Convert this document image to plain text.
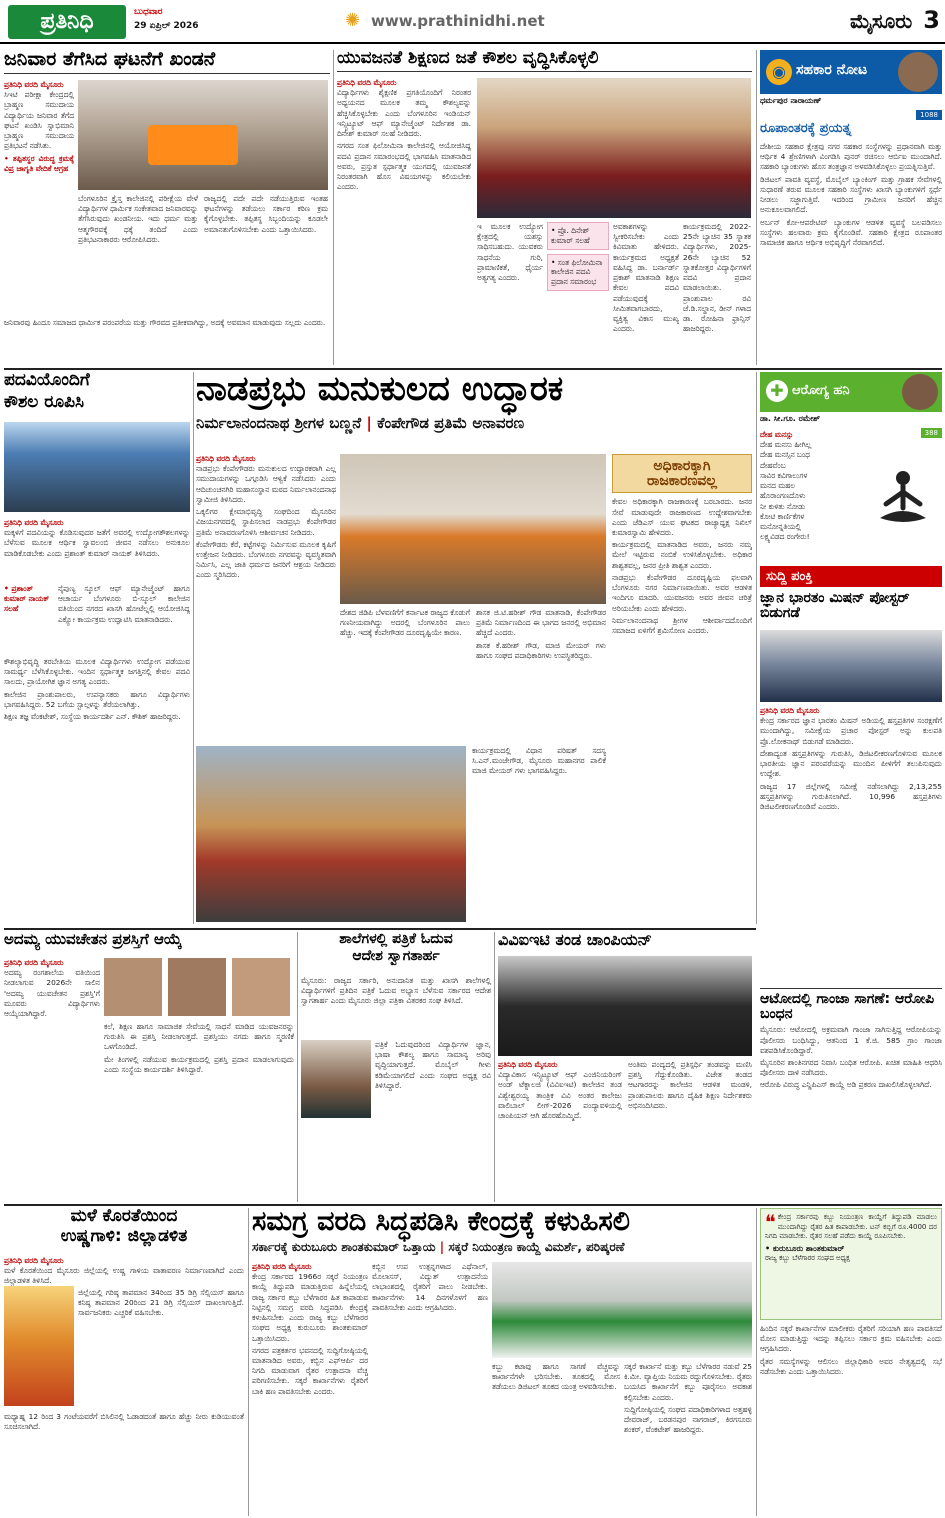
ಪ್ರತಿನಿಧಿ	ಬುಧವಾರ
29 ಏಪ್ರಿಲ್ 2026	✺ www.prathinidhi.net	ಮೈಸೂರು 3
ಜನಿವಾರ ತೆಗೆಸಿದ ಘಟನೆಗೆ ಖಂಡನೆ
ಪ್ರತಿನಿಧಿ ವರದಿ ಮೈಸೂರು

ಸಿಇಟಿ ಪರೀಕ್ಷಾ ಕೇಂದ್ರದಲ್ಲಿ ಬ್ರಾಹ್ಮಣ ಸಮುದಾಯ ವಿದ್ಯಾರ್ಥಿಯ ಜನಿವಾರ ತೆಗೆದ ಘಟನೆ ಖಂಡಿಸಿ ಸ್ವಾಭಿಮಾನಿ ಬ್ರಾಹ್ಮಣ ಸಮುದಾಯ ಪ್ರತಿಭಟನೆ ನಡೆಸಿತು.

• ತಪ್ಪಿತಸ್ಥರ ವಿರುದ್ಧ ಕ್ರಮಕ್ಕೆ ವಿಪ್ರ ಜಾಗೃತಿ ವೇದಿಕೆ ಆಗ್ರಹ

ಬೆಂಗಳೂರಿನ ಕ್ರೈಸ್ತ ಕಾಲೇಜಿನಲ್ಲಿ ಪರೀಕ್ಷೆಯ ವೇಳೆ ವಿದ್ಯಾರ್ಥಿಗಳ ಧಾರ್ಮಿಕ ಸಂಕೇತವಾದ ಜನಿವಾರವನ್ನು ತೆಗೆಸಿರುವುದು ಖಂಡನೀಯ. ಇದು ಧರ್ಮ ಮತ್ತು ಆತ್ಮಗೌರವಕ್ಕೆ ಧಕ್ಕೆ ತಂದಿದೆ ಎಂದು ಪ್ರತಿಭಟನಾಕಾರರು ಆರೋಪಿಸಿದರು.

ರಾಜ್ಯದಲ್ಲಿ ಪದೇ ಪದೇ ನಡೆಯುತ್ತಿರುವ ಇಂತಹ ಘಟನೆಗಳನ್ನು ತಡೆಯಲು ಸರ್ಕಾರ ಕಠಿಣ ಕ್ರಮ ಕೈಗೊಳ್ಳಬೇಕು. ತಪ್ಪಿತಸ್ಥ ಸಿಬ್ಬಂದಿಯನ್ನು ಕೂಡಲೇ ಅಮಾನತುಗೊಳಿಸಬೇಕು ಎಂದು ಒತ್ತಾಯಿಸಿದರು.

ಜನಿವಾರವು ಹಿಂದೂ ಸಮಾಜದ ಧಾರ್ಮಿಕ ಪರಂಪರೆಯ ಮತ್ತು ಗೌರವದ ಪ್ರತೀಕವಾಗಿದ್ದು, ಅದಕ್ಕೆ ಅವಮಾನ ಮಾಡುವುದು ಸಲ್ಲದು ಎಂದರು.

ಯುವಜನತೆ ಶಿಕ್ಷಣದ ಜತೆ ಕೌಶಲ ವೃದ್ಧಿಸಿಕೊಳ್ಳಲಿ
ಪ್ರತಿನಿಧಿ ವರದಿ ಮೈಸೂರು

ವಿದ್ಯಾರ್ಥಿಗಳು ಶೈಕ್ಷಣಿಕ ಪ್ರಗತಿಯೊಂದಿಗೆ ನಿರಂತರ ಅಧ್ಯಯನದ ಮೂಲಕ ತಮ್ಮ ಕೌಶಲ್ಯವನ್ನು ಹೆಚ್ಚಿಸಿಕೊಳ್ಳಬೇಕು ಎಂದು ಬೆಂಗಳೂರಿನ ಇಂಡಿಯನ್ ಇನ್ಸ್ಟಿಟ್ಯೂಟ್ ಆಫ್ ಮ್ಯಾನೇಜ್ಮೆಂಟ್ ನಿರ್ದೇಶಕ ಡಾ. ದಿನೇಶ್ ಕುಮಾರ್ ಸಲಹೆ ನೀಡಿದರು.

ನಗರದ ಸಂತ ಫಿಲೋಮಿನಾ ಕಾಲೇಜಿನಲ್ಲಿ ಆಯೋಜಿಸಿದ್ದ ಪದವಿ ಪ್ರದಾನ ಸಮಾರಂಭದಲ್ಲಿ ಭಾಗವಹಿಸಿ ಮಾತನಾಡಿದ ಅವರು, ಪ್ರಸ್ತುತ ಸ್ಪರ್ಧಾತ್ಮಕ ಯುಗದಲ್ಲಿ ಯುವಜನತೆ ನಿರಂತರವಾಗಿ ಹೊಸ ವಿಷಯಗಳನ್ನು ಕಲಿಯಬೇಕು ಎಂದರು.

ಇ ಮೂಲಕ ಉದ್ಯೋಗ ಕ್ಷೇತ್ರದಲ್ಲಿ ಯಶಸ್ಸು ಸಾಧಿಸಬಹುದು. ಯುವಕರು ಸಾಧನೆಯ ಗುರಿ, ಪ್ರಾಮಾಣಿಕತೆ, ಧೈರ್ಯ ಅತ್ಯಗತ್ಯ ಎಂದರು.

• ಪ್ರೊ. ದಿನೇಶ್ ಕುಮಾರ್ ಸಲಹೆ
• ಸಂತ ಫಿಲೋಮಿನಾ ಕಾಲೇಜಿನ ಪದವಿ ಪ್ರದಾನ ಸಮಾರಂಭ

ಅವಕಾಶಗಳನ್ನು ಸ್ವೀಕರಿಸಬೇಕು ಎಂದು ಕಿವಿಮಾತು ಹೇಳಿದರು. ಕಾರ್ಯಕ್ರಮದ ಅಧ್ಯಕ್ಷತೆ ವಹಿಸಿದ್ದ ಡಾ. ಬರ್ನಾರ್ಡ್ ಪ್ರಕಾಶ್ ಮಾತನಾಡಿ ಶಿಕ್ಷಣ ಕೇವಲ ಪದವಿ ಪಡೆಯುವುದಕ್ಕೆ ಸೀಮಿತವಾಗಬಾರದು, ವ್ಯಕ್ತಿತ್ವ ವಿಕಾಸ ಮುಖ್ಯ ಎಂದರು.

ಕಾರ್ಯಕ್ರಮದಲ್ಲಿ 2022-25ನೇ ಬ್ಯಾಚಿನ 35 ಸ್ನಾತಕ ವಿದ್ಯಾರ್ಥಿಗಳು, 2025-26ನೇ ಬ್ಯಾಚಿನ 52 ಸ್ನಾತಕೋತ್ತರ ವಿದ್ಯಾರ್ಥಿಗಳಿಗೆ ಪದವಿ ಪ್ರದಾನ ಮಾಡಲಾಯಿತು. ಪ್ರಾಂಶುಪಾಲ ರವಿ ಜೆ.ಡಿ.ಸಲ್ಡಾನ, ಡೀನ್ ಗಳಾದ ಡಾ. ರೋಹಿನಾ ಫ್ರಾನ್ಸಿಸ್ ಹಾಜರಿದ್ದರು.

◉ ಸಹಕಾರ ನೋಟ
ಧರ್ಮಪುರ ನಾರಾಯಣ್
1088
ರೂಪಾಂತರಕ್ಕೆ ಪ್ರಯತ್ನ

ದೇಶೀಯ ಸಹಕಾರ ಕ್ಷೇತ್ರವು ನಗರ ಸಹಕಾರ ಸಂಸ್ಥೆಗಳನ್ನು ಪ್ರಧಾನವಾಗಿ ಮತ್ತು ಆರ್ಥಿಕ 4 ಶ್ರೇಣಿಗಳಾಗಿ ವಿಂಗಡಿಸಿ ಪುನರ್ ರಚಿಸಲು ಆರ್ಬಿಐ ಮುಂದಾಗಿದೆ. ಸಹಕಾರಿ ಬ್ಯಾಂಕುಗಳು ಹೊಸ ತಂತ್ರಜ್ಞಾನ ಅಳವಡಿಸಿಕೊಳ್ಳಲು ಪ್ರಯತ್ನಿಸುತ್ತಿವೆ.

ಡಿಜಿಟಲ್ ಪಾವತಿ ವ್ಯವಸ್ಥೆ, ಮೊಬೈಲ್ ಬ್ಯಾಂಕಿಂಗ್ ಮತ್ತು ಗ್ರಾಹಕ ಸೇವೆಗಳಲ್ಲಿ ಸುಧಾರಣೆ ತರುವ ಮೂಲಕ ಸಹಕಾರಿ ಸಂಸ್ಥೆಗಳು ಖಾಸಗಿ ಬ್ಯಾಂಕುಗಳಿಗೆ ಸ್ಪರ್ಧೆ ನೀಡಲು ಸಜ್ಜಾಗುತ್ತಿವೆ. ಇದರಿಂದ ಗ್ರಾಮೀಣ ಜನರಿಗೆ ಹೆಚ್ಚಿನ ಅನುಕೂಲವಾಗಲಿದೆ.

ಅರ್ಬನ್ ಕೋ-ಆಪರೇಟಿವ್ ಬ್ಯಾಂಕುಗಳ ಆಡಳಿತ ವ್ಯವಸ್ಥೆ ಬಲಪಡಿಸಲು ಸಂಸ್ಥೆಗಳು ಹಲವಾರು ಕ್ರಮ ಕೈಗೊಂಡಿವೆ. ಸಹಕಾರಿ ಕ್ಷೇತ್ರದ ರೂಪಾಂತರ ಸಾಮಾಜಿಕ ಹಾಗೂ ಆರ್ಥಿಕ ಅಭಿವೃದ್ಧಿಗೆ ನೆರವಾಗಲಿದೆ.

ಪದವಿಯೊಂದಿಗೆ
ಕೌಶಲ ರೂಪಿಸಿ
ಪ್ರತಿನಿಧಿ ವರದಿ ಮೈಸೂರು

ಮಕ್ಕಳಿಗೆ ಪದವಿಯನ್ನು ಕೊಡಿಸುವುದರ ಜತೆಗೆ ಅವರಲ್ಲಿ ಉದ್ಯೋಗಕೌಶಲಗಳನ್ನು ಬೆಳೆಸುವ ಮೂಲಕ ಆರ್ಥಿಕ ಸ್ವಾವಲಂಬಿ ಜೀವನ ನಡೆಸಲು ಅನುಕೂಲ ಮಾಡಿಕೊಡಬೇಕು ಎಂದು ಪ್ರಶಾಂತ್ ಕುಮಾರ್ ನಾಯಕ್ ತಿಳಿಸಿದರು.

• ಪ್ರಶಾಂತ್ ಕುಮಾರ್ ನಾಯಕ್ ಸಲಹೆ

ನೈಪುಣ್ಯ ಸ್ಕೂಲ್ ಆಫ್ ಮ್ಯಾನೇಜ್ಮೆಂಟ್ ಹಾಗೂ ಆಚಾರ್ಯ ಬೆಂಗಳೂರು ಬಿ-ಸ್ಕೂಲ್ ಕಾಲೇಜಿನ ವತಿಯಿಂದ ನಗರದ ಖಾಸಗಿ ಹೋಟೆಲ್ನಲ್ಲಿ ಆಯೋಜಿಸಿದ್ದ ಎಕ್ಸ್ಪೋ ಕಾರ್ಯಕ್ರಮ ಉದ್ಘಾಟಿಸಿ ಮಾತನಾಡಿದರು.

ಕೌಶಲ್ಯಾಭಿವೃದ್ಧಿ ತರಬೇತಿಯ ಮೂಲಕ ವಿದ್ಯಾರ್ಥಿಗಳು ಉದ್ಯೋಗ ಪಡೆಯುವ ಸಾಮರ್ಥ್ಯ ಬೆಳೆಸಿಕೊಳ್ಳಬೇಕು. ಇಂದಿನ ಸ್ಪರ್ಧಾತ್ಮಕ ಜಗತ್ತಿನಲ್ಲಿ ಕೇವಲ ಪದವಿ ಸಾಲದು, ಪ್ರಾಯೋಗಿಕ ಜ್ಞಾನ ಅಗತ್ಯ ಎಂದರು.

ಕಾಲೇಜಿನ ಪ್ರಾಂಶುಪಾಲರು, ಉಪನ್ಯಾಸಕರು ಹಾಗೂ ವಿದ್ಯಾರ್ಥಿಗಳು ಭಾಗವಹಿಸಿದ್ದರು. 52 ಬಗೆಯ ಸ್ಟಾಲ್ಗಳನ್ನು ತೆರೆಯಲಾಗಿತ್ತು.

ಶಿಕ್ಷಣ ತಜ್ಞ ವೆಂಕಟೇಶ್, ಸಂಸ್ಥೆಯ ಕಾರ್ಯದರ್ಶಿ ಎನ್. ಕೌಶಿಕ್ ಹಾಜರಿದ್ದರು.

ನಾಡಪ್ರಭು ಮನುಕುಲದ ಉದ್ಧಾರಕ
ನಿರ್ಮಲಾನಂದನಾಥ ಶ್ರೀಗಳ ಬಣ್ಣನೆ | ಕೆಂಪೇಗೌಡ ಪ್ರತಿಮೆ ಅನಾವರಣ
ಪ್ರತಿನಿಧಿ ವರದಿ ಮೈಸೂರು

ನಾಡಪ್ರಭು ಕೆಂಪೇಗೌಡರು ಮನುಕುಲದ ಉದ್ಧಾರಕರಾಗಿ ಎಲ್ಲ ಸಮುದಾಯಗಳನ್ನು ಒಗ್ಗೂಡಿಸಿ ಆಳ್ವಿಕೆ ನಡೆಸಿದರು ಎಂದು ಆದಿಚುಂಚನಗಿರಿ ಮಹಾಸಂಸ್ಥಾನ ಮಠದ ನಿರ್ಮಲಾನಂದನಾಥ ಸ್ವಾಮೀಜಿ ತಿಳಿಸಿದರು.

ಒಕ್ಕಲಿಗರ ಕ್ಷೇಮಾಭಿವೃದ್ಧಿ ಸಂಘದಿಂದ ಮೈಸೂರಿನ ವಿಜಯನಗರದಲ್ಲಿ ಸ್ಥಾಪಿಸಲಾದ ನಾಡಪ್ರಭು ಕೆಂಪೇಗೌಡರ ಪ್ರತಿಮೆ ಅನಾವರಣಗೊಳಿಸಿ ಆಶೀರ್ವಚನ ನೀಡಿದರು.

ಕೆಂಪೇಗೌಡರು ಕೆರೆ, ಕಟ್ಟೆಗಳನ್ನು ನಿರ್ಮಿಸುವ ಮೂಲಕ ಕೃಷಿಗೆ ಉತ್ತೇಜನ ನೀಡಿದರು. ಬೆಂಗಳೂರು ನಗರವನ್ನು ವ್ಯವಸ್ಥಿತವಾಗಿ ನಿರ್ಮಿಸಿ, ಎಲ್ಲ ಜಾತಿ ಧರ್ಮದ ಜನರಿಗೆ ಆಶ್ರಯ ನೀಡಿದರು ಎಂದು ಸ್ಮರಿಸಿದರು.

ದೇಶದ ಜಿಡಿಪಿ ಬೆಳವಣಿಗೆಗೆ ಕರ್ನಾಟಕ ರಾಜ್ಯದ ಕೊಡುಗೆ ಗಣನೀಯವಾಗಿದ್ದು ಅದರಲ್ಲಿ ಬೆಂಗಳೂರಿನ ಪಾಲು ಹೆಚ್ಚು. ಇದಕ್ಕೆ ಕೆಂಪೇಗೌಡರ ದೂರದೃಷ್ಟಿಯೇ ಕಾರಣ.

ಶಾಸಕ ಜಿ.ಟಿ.ಹರೀಶ್ ಗೌಡ ಮಾತನಾಡಿ, ಕೆಂಪೇಗೌಡರ ಪ್ರತಿಮೆ ನಿರ್ಮಾಣದಿಂದ ಈ ಭಾಗದ ಜನರಲ್ಲಿ ಅಭಿಮಾನ ಹೆಚ್ಚಿದೆ ಎಂದರು.

ಶಾಸಕ ಕೆ.ಹರೀಶ್ ಗೌಡ, ಮಾಜಿ ಮೇಯರ್ ಗಳು ಹಾಗೂ ಸಂಘದ ಪದಾಧಿಕಾರಿಗಳು ಉಪಸ್ಥಿತರಿದ್ದರು.

ಕಾರ್ಯಕ್ರಮದಲ್ಲಿ ವಿಧಾನ ಪರಿಷತ್ ಸದಸ್ಯ ಸಿ.ಎನ್.ಮಂಜೇಗೌಡ, ಮೈಸೂರು ಮಹಾನಗರ ಪಾಲಿಕೆ ಮಾಜಿ ಮೇಯರ್ ಗಳು ಭಾಗವಹಿಸಿದ್ದರು.

ಅಧಿಕಾರಕ್ಕಾಗಿ
ರಾಜಕಾರಣವಲ್ಲ

ಕೇವಲ ಅಧಿಕಾರಕ್ಕಾಗಿ ರಾಜಕಾರಣಕ್ಕೆ ಬರಬಾರದು. ಜನರ ಸೇವೆ ಮಾಡುವುದೇ ರಾಜಕಾರಣದ ಉದ್ದೇಶವಾಗಬೇಕು ಎಂದು ಜೆಡಿಎಸ್ ಯುವ ಘಟಕದ ರಾಜ್ಯಾಧ್ಯಕ್ಷ ನಿಖಿಲ್ ಕುಮಾರಸ್ವಾಮಿ ಹೇಳಿದರು.

ಕಾರ್ಯಕ್ರಮದಲ್ಲಿ ಮಾತನಾಡಿದ ಅವರು, ಜನರು ನಮ್ಮ ಮೇಲೆ ಇಟ್ಟಿರುವ ನಂಬಿಕೆ ಉಳಿಸಿಕೊಳ್ಳಬೇಕು. ಅಧಿಕಾರ ಶಾಶ್ವತವಲ್ಲ, ಜನರ ಪ್ರೀತಿ ಶಾಶ್ವತ ಎಂದರು.

ನಾಡಪ್ರಭು ಕೆಂಪೇಗೌಡರ ದೂರದೃಷ್ಟಿಯ ಫಲವಾಗಿ ಬೆಂಗಳೂರು ನಗರ ನಿರ್ಮಾಣವಾಯಿತು. ಅವರ ಆಡಳಿತ ಇಂದಿಗೂ ಮಾದರಿ. ಯುವಜನರು ಅವರ ಜೀವನ ಚರಿತ್ರೆ ಅರಿಯಬೇಕು ಎಂದು ಹೇಳಿದರು.

ನಿರ್ಮಲಾನಂದನಾಥ ಶ್ರೀಗಳ ಆಶೀರ್ವಾದದೊಂದಿಗೆ ಸಮಾಜದ ಏಳಿಗೆಗೆ ಶ್ರಮಿಸೋಣ ಎಂದರು.

✚ ಆರೋಗ್ಯ ಹನಿ
ಡಾ. ಸೀ.ಗೂ. ರಮೇಶ್
388
ದೇಹ ಮನಸ್ಸು
ದೇಹ ಮನಸು ಹೀಗಿಲ್ಲ
ದೇಹ ಮನಸ್ಸಿನ ಬಂಧ
ದೇಹವೆಂಬ
ಸಾವಿರ ಕವಿಗಾಲುಗಳ
ಮನದ ಮಹಲ
ಹೊರಾಂಗಣದೊಳು
ನೀ ಕುಳಿತು ನೋಡು
ಕೋಟಿ ಕಾರ್ಣಿಕೆಗಳ
ಮನೋನ್ನತಿಯಲ್ಲಿ
ಲಕ್ಷ್ಯವಿಡದ ರಂಗೇರು!
ಸುದ್ದಿ ಪಂಕ್ತಿ
ಜ್ಞಾನ ಭಾರತಂ ಮಿಷನ್ ಪೋಸ್ಟರ್ ಬಿಡುಗಡೆ
ಪ್ರತಿನಿಧಿ ವರದಿ ಮೈಸೂರು

ಕೇಂದ್ರ ಸರ್ಕಾರದ ಜ್ಞಾನ ಭಾರತಂ ಮಿಷನ್ ಅಡಿಯಲ್ಲಿ ಹಸ್ತಪ್ರತಿಗಳ ಸಂರಕ್ಷಣೆಗೆ ಮುಂದಾಗಿದ್ದು, ಸಮೀಕ್ಷೆಯ ಪ್ರಚಾರ ಪೋಸ್ಟರ್ ಅನ್ನು ಕುಲಪತಿ ಪ್ರೊ.ಲೋಕನಾಥ್ ಬಿಡುಗಡೆ ಮಾಡಿದರು.

ದೇಶಾದ್ಯಂತ ಹಸ್ತಪ್ರತಿಗಳನ್ನು ಗುರುತಿಸಿ, ಡಿಜಿಟಲೀಕರಣಗೊಳಿಸುವ ಮೂಲಕ ಭಾರತೀಯ ಜ್ಞಾನ ಪರಂಪರೆಯನ್ನು ಮುಂದಿನ ಪೀಳಿಗೆಗೆ ತಲುಪಿಸುವುದು ಉದ್ದೇಶ.

ರಾಜ್ಯದ 17 ಜಿಲ್ಲೆಗಳಲ್ಲಿ ಸಮೀಕ್ಷೆ ನಡೆಸಲಾಗಿದ್ದು 2,13,255 ಹಸ್ತಪ್ರತಿಗಳನ್ನು ಗುರುತಿಸಲಾಗಿದೆ. 10,996 ಹಸ್ತಪ್ರತಿಗಳು ಡಿಜಿಟಲೀಕರಣಗೊಂಡಿವೆ ಎಂದರು.

ಆಟೋದಲ್ಲಿ ಗಾಂಜಾ ಸಾಗಣೆ: ಆರೋಪಿ ಬಂಧನ

ಮೈಸೂರು: ಆಟೋದಲ್ಲಿ ಅಕ್ರಮವಾಗಿ ಗಾಂಜಾ ಸಾಗಿಸುತ್ತಿದ್ದ ಆರೋಪಿಯನ್ನು ಪೊಲೀಸರು ಬಂಧಿಸಿದ್ದು, ಆತನಿಂದ 1 ಕೆ.ಜಿ. 585 ಗ್ರಾಂ ಗಾಂಜಾ ವಶಪಡಿಸಿಕೊಂಡಿದ್ದಾರೆ.

ಮೈಸೂರಿನ ಶಾಂತಿನಗರದ ನಿವಾಸಿ ಬಂಧಿತ ಆರೋಪಿ. ಖಚಿತ ಮಾಹಿತಿ ಆಧರಿಸಿ ಪೊಲೀಸರು ದಾಳಿ ನಡೆಸಿದರು.

ಆರೋಪಿ ವಿರುದ್ಧ ಎನ್ಡಿಪಿಎಸ್ ಕಾಯ್ದೆ ಅಡಿ ಪ್ರಕರಣ ದಾಖಲಿಸಿಕೊಳ್ಳಲಾಗಿದೆ.

ಅದಮ್ಯ ಯುವಚೇತನ ಪ್ರಶಸ್ತಿಗೆ ಆಯ್ಕೆ
ಪ್ರತಿನಿಧಿ ವರದಿ ಮೈಸೂರು

ಅದಮ್ಯ ರಂಗಶಾಲೆಯ ವತಿಯಿಂದ ನೀಡಲಾಗುವ 2026ನೇ ಸಾಲಿನ 'ಅದಮ್ಯ ಯುವಚೇತನ ಪ್ರಶಸ್ತಿ'ಗೆ ಮೂವರು ವಿದ್ಯಾರ್ಥಿಗಳು ಆಯ್ಕೆಯಾಗಿದ್ದಾರೆ.

ಕಲೆ, ಶಿಕ್ಷಣ ಹಾಗೂ ಸಾಮಾಜಿಕ ಸೇವೆಯಲ್ಲಿ ಸಾಧನೆ ಮಾಡಿದ ಯುವಜನರನ್ನು ಗುರುತಿಸಿ ಈ ಪ್ರಶಸ್ತಿ ನೀಡಲಾಗುತ್ತದೆ. ಪ್ರಶಸ್ತಿಯು ನಗದು ಹಾಗೂ ಸ್ಮರಣಿಕೆ ಒಳಗೊಂಡಿದೆ.

ಮೇ ತಿಂಗಳಲ್ಲಿ ನಡೆಯುವ ಕಾರ್ಯಕ್ರಮದಲ್ಲಿ ಪ್ರಶಸ್ತಿ ಪ್ರದಾನ ಮಾಡಲಾಗುವುದು ಎಂದು ಸಂಸ್ಥೆಯ ಕಾರ್ಯದರ್ಶಿ ತಿಳಿಸಿದ್ದಾರೆ.

ಶಾಲೆಗಳಲ್ಲಿ ಪತ್ರಿಕೆ ಓದುವ
ಆದೇಶ ಸ್ವಾಗತಾರ್ಹ

ಮೈಸೂರು: ರಾಜ್ಯದ ಸರ್ಕಾರಿ, ಅನುದಾನಿತ ಮತ್ತು ಖಾಸಗಿ ಶಾಲೆಗಳಲ್ಲಿ ವಿದ್ಯಾರ್ಥಿಗಳಿಗೆ ಪ್ರತಿದಿನ ಪತ್ರಿಕೆ ಓದುವ ಅಭ್ಯಾಸ ಬೆಳೆಸುವ ಸರ್ಕಾರದ ಆದೇಶ ಸ್ವಾಗತಾರ್ಹ ಎಂದು ಮೈಸೂರು ಜಿಲ್ಲಾ ಪತ್ರಿಕಾ ವಿತರಕರ ಸಂಘ ತಿಳಿಸಿದೆ.

ಪತ್ರಿಕೆ ಓದುವುದರಿಂದ ವಿದ್ಯಾರ್ಥಿಗಳ ಜ್ಞಾನ, ಭಾಷಾ ಕೌಶಲ್ಯ ಹಾಗೂ ಸಾಮಾನ್ಯ ಅರಿವು ವೃದ್ಧಿಯಾಗುತ್ತದೆ. ಮೊಬೈಲ್ ಗೀಳು ಕಡಿಮೆಯಾಗಲಿದೆ ಎಂದು ಸಂಘದ ಅಧ್ಯಕ್ಷ ರವಿ ತಿಳಿಸಿದ್ದಾರೆ.

ವಿವಿಐಇಟಿ ತಂಡ ಚಾಂಪಿಯನ್
ಪ್ರತಿನಿಧಿ ವರದಿ ಮೈಸೂರು

ವಿದ್ಯಾವಿಕಾಸ ಇನ್ಸ್ಟಿಟ್ಯೂಟ್ ಆಫ್ ಎಂಜಿನಿಯರಿಂಗ್ ಅಂಡ್ ಟೆಕ್ನಾಲಜಿ (ವಿವಿಐಇಟಿ) ಕಾಲೇಜಿನ ತಂಡ ವಿಶ್ವೇಶ್ವರಯ್ಯ ತಾಂತ್ರಿಕ ವಿವಿ ಅಂತರ ಕಾಲೇಜು ವಾಲಿಬಾಲ್ ಲೀಗ್-2026 ಪಂದ್ಯಾವಳಿಯಲ್ಲಿ ಚಾಂಪಿಯನ್ ಆಗಿ ಹೊರಹೊಮ್ಮಿದೆ.

ಅಂತಿಮ ಪಂದ್ಯದಲ್ಲಿ ಪ್ರತಿಸ್ಪರ್ಧಿ ತಂಡವನ್ನು ಮಣಿಸಿ ಪ್ರಶಸ್ತಿ ಗೆದ್ದುಕೊಂಡಿತು. ವಿಜೇತ ತಂಡದ ಆಟಗಾರರನ್ನು ಕಾಲೇಜಿನ ಆಡಳಿತ ಮಂಡಳಿ, ಪ್ರಾಂಶುಪಾಲರು ಹಾಗೂ ದೈಹಿಕ ಶಿಕ್ಷಣ ನಿರ್ದೇಶಕರು ಅಭಿನಂದಿಸಿದರು.

ಮಳೆ ಕೊರತೆಯಿಂದ
ಉಷ್ಣಗಾಳಿ: ಜಿಲ್ಲಾಡಳಿತ
ಪ್ರತಿನಿಧಿ ವರದಿ ಮೈಸೂರು

ಮಳೆ ಕೊರತೆಯಿಂದ ಮೈಸೂರು ಜಿಲ್ಲೆಯಲ್ಲಿ ಉಷ್ಣ ಗಾಳಿಯ ವಾತಾವರಣ ನಿರ್ಮಾಣವಾಗಿದೆ ಎಂದು ಜಿಲ್ಲಾಡಳಿತ ತಿಳಿಸಿದೆ.

ಜಿಲ್ಲೆಯಲ್ಲಿ ಗರಿಷ್ಠ ತಾಪಮಾನ 34ರಿಂದ 35 ಡಿಗ್ರಿ ಸೆಲ್ಸಿಯಸ್ ಹಾಗೂ ಕನಿಷ್ಠ ತಾಪಮಾನ 20ರಿಂದ 21 ಡಿಗ್ರಿ ಸೆಲ್ಸಿಯಸ್ ದಾಖಲಾಗುತ್ತಿದೆ. ಸಾರ್ವಜನಿಕರು ಎಚ್ಚರಿಕೆ ವಹಿಸಬೇಕು.

ಮಧ್ಯಾಹ್ನ 12 ರಿಂದ 3 ಗಂಟೆಯವರೆಗೆ ಬಿಸಿಲಿನಲ್ಲಿ ಓಡಾಡದಂತೆ ಹಾಗೂ ಹೆಚ್ಚು ನೀರು ಕುಡಿಯುವಂತೆ ಸೂಚಿಸಲಾಗಿದೆ.

ಸಮಗ್ರ ವರದಿ ಸಿದ್ಧಪಡಿಸಿ ಕೇಂದ್ರಕ್ಕೆ ಕಳುಹಿಸಲಿ
ಸರ್ಕಾರಕ್ಕೆ ಕುರುಬೂರು ಶಾಂತಕುಮಾರ್ ಒತ್ತಾಯ | ಸಕ್ಕರೆ ನಿಯಂತ್ರಣ ಕಾಯ್ದೆ ವಿಮರ್ಶೆ, ಪರಿಷ್ಕರಣೆ
ಪ್ರತಿನಿಧಿ ವರದಿ ಮೈಸೂರು

ಕೇಂದ್ರ ಸರ್ಕಾರದ 1966ರ ಸಕ್ಕರೆ ನಿಯಂತ್ರಣ ಕಾಯ್ದೆ ತಿದ್ದುಪಡಿ ಮಾಡುತ್ತಿರುವ ಹಿನ್ನೆಲೆಯಲ್ಲಿ ರಾಜ್ಯ ಸರ್ಕಾರ ಕಬ್ಬು ಬೆಳೆಗಾರರ ಹಿತ ಕಾಪಾಡುವ ನಿಟ್ಟಿನಲ್ಲಿ ಸಮಗ್ರ ವರದಿ ಸಿದ್ಧಪಡಿಸಿ ಕೇಂದ್ರಕ್ಕೆ ಕಳುಹಿಸಬೇಕು ಎಂದು ರಾಜ್ಯ ಕಬ್ಬು ಬೆಳೆಗಾರರ ಸಂಘದ ಅಧ್ಯಕ್ಷ ಕುರುಬೂರು ಶಾಂತಕುಮಾರ್ ಒತ್ತಾಯಿಸಿದರು.

ನಗರದ ಪತ್ರಕರ್ತರ ಭವನದಲ್ಲಿ ಸುದ್ದಿಗೋಷ್ಠಿಯಲ್ಲಿ ಮಾತನಾಡಿದ ಅವರು, ಕಬ್ಬಿನ ಎಫ್ಆರ್ಪಿ ದರ ನಿಗದಿ ಮಾಡುವಾಗ ರೈತರ ಉತ್ಪಾದನಾ ವೆಚ್ಚ ಪರಿಗಣಿಸಬೇಕು. ಸಕ್ಕರೆ ಕಾರ್ಖಾನೆಗಳು ರೈತರಿಗೆ ಬಾಕಿ ಹಣ ಪಾವತಿಸಬೇಕು ಎಂದರು.

ಕಬ್ಬಿನ ಉಪ ಉತ್ಪನ್ನಗಳಾದ ಎಥೆನಾಲ್, ಮೊಲಾಸಸ್, ವಿದ್ಯುತ್ ಉತ್ಪಾದನೆಯ ಲಾಭಾಂಶದಲ್ಲಿ ರೈತರಿಗೆ ಪಾಲು ನೀಡಬೇಕು. ಕಾರ್ಖಾನೆಗಳು 14 ದಿನಗಳೊಳಗೆ ಹಣ ಪಾವತಿಸಬೇಕು ಎಂದು ಆಗ್ರಹಿಸಿದರು.

ಕಬ್ಬು ಕಟಾವು ಹಾಗೂ ಸಾಗಣೆ ವೆಚ್ಚವನ್ನು ಕಾರ್ಖಾನೆಗಳೇ ಭರಿಸಬೇಕು. ತೂಕದಲ್ಲಿ ಮೋಸ ತಡೆಯಲು ಡಿಜಿಟಲ್ ತೂಕದ ಯಂತ್ರ ಅಳವಡಿಸಬೇಕು.

ಸಕ್ಕರೆ ಕಾರ್ಖಾನೆ ಮತ್ತು ಕಬ್ಬು ಬೆಳೆಗಾರರ ನಡುವೆ 25 ಕಿ.ಮೀ. ವ್ಯಾಪ್ತಿಯ ನಿಯಮ ರದ್ದುಗೊಳಿಸಬೇಕು. ರೈತರು ಬಯಸಿದ ಕಾರ್ಖಾನೆಗೆ ಕಬ್ಬು ಪೂರೈಸಲು ಅವಕಾಶ ಕಲ್ಪಿಸಬೇಕು ಎಂದರು.

ಸುದ್ದಿಗೋಷ್ಠಿಯಲ್ಲಿ ಸಂಘದ ಪದಾಧಿಕಾರಿಗಳಾದ ಅತ್ತಹಳ್ಳಿ ದೇವರಾಜ್, ಬರಡನಪುರ ನಾಗರಾಜ್, ಕಿರಗಸೂರು ಶಂಕರ್, ವೆಂಕಟೇಶ್ ಹಾಜರಿದ್ದರು.

❝ ಕೇಂದ್ರ ಸರ್ಕಾರವು ಕಬ್ಬು ನಿಯಂತ್ರಣ ಕಾಯ್ದೆಗೆ ತಿದ್ದುಪಡಿ ಮಾಡಲು ಮುಂದಾಗಿದ್ದು ರೈತರ ಹಿತ ಕಾಪಾಡಬೇಕು. ಟನ್ ಕಬ್ಬಿಗೆ ರೂ.4000 ದರ ನಿಗದಿ ಮಾಡಬೇಕು. ರೈತರ ಸಲಹೆ ಪಡೆದು ಕಾಯ್ದೆ ರೂಪಿಸಬೇಕು.
• ಕುರುಬೂರು ಶಾಂತಕುಮಾರ್
ರಾಜ್ಯ ಕಬ್ಬು ಬೆಳೆಗಾರರ ಸಂಘದ ಅಧ್ಯಕ್ಷ

ಹಿಂದಿನ ಸಕ್ಕರೆ ಕಾರ್ಖಾನೆಗಳ ಮಾಲೀಕರು ರೈತರಿಗೆ ಸರಿಯಾಗಿ ಹಣ ಪಾವತಿಸದೆ ಮೋಸ ಮಾಡುತ್ತಿದ್ದು ಇದನ್ನು ತಪ್ಪಿಸಲು ಸರ್ಕಾರ ಕ್ರಮ ವಹಿಸಬೇಕು ಎಂದು ಆಗ್ರಹಿಸಿದರು.

ರೈತರ ಸಮಸ್ಯೆಗಳನ್ನು ಆಲಿಸಲು ಜಿಲ್ಲಾಧಿಕಾರಿ ಅವರ ನೇತೃತ್ವದಲ್ಲಿ ಸಭೆ ನಡೆಸಬೇಕು ಎಂದು ಒತ್ತಾಯಿಸಿದರು.
